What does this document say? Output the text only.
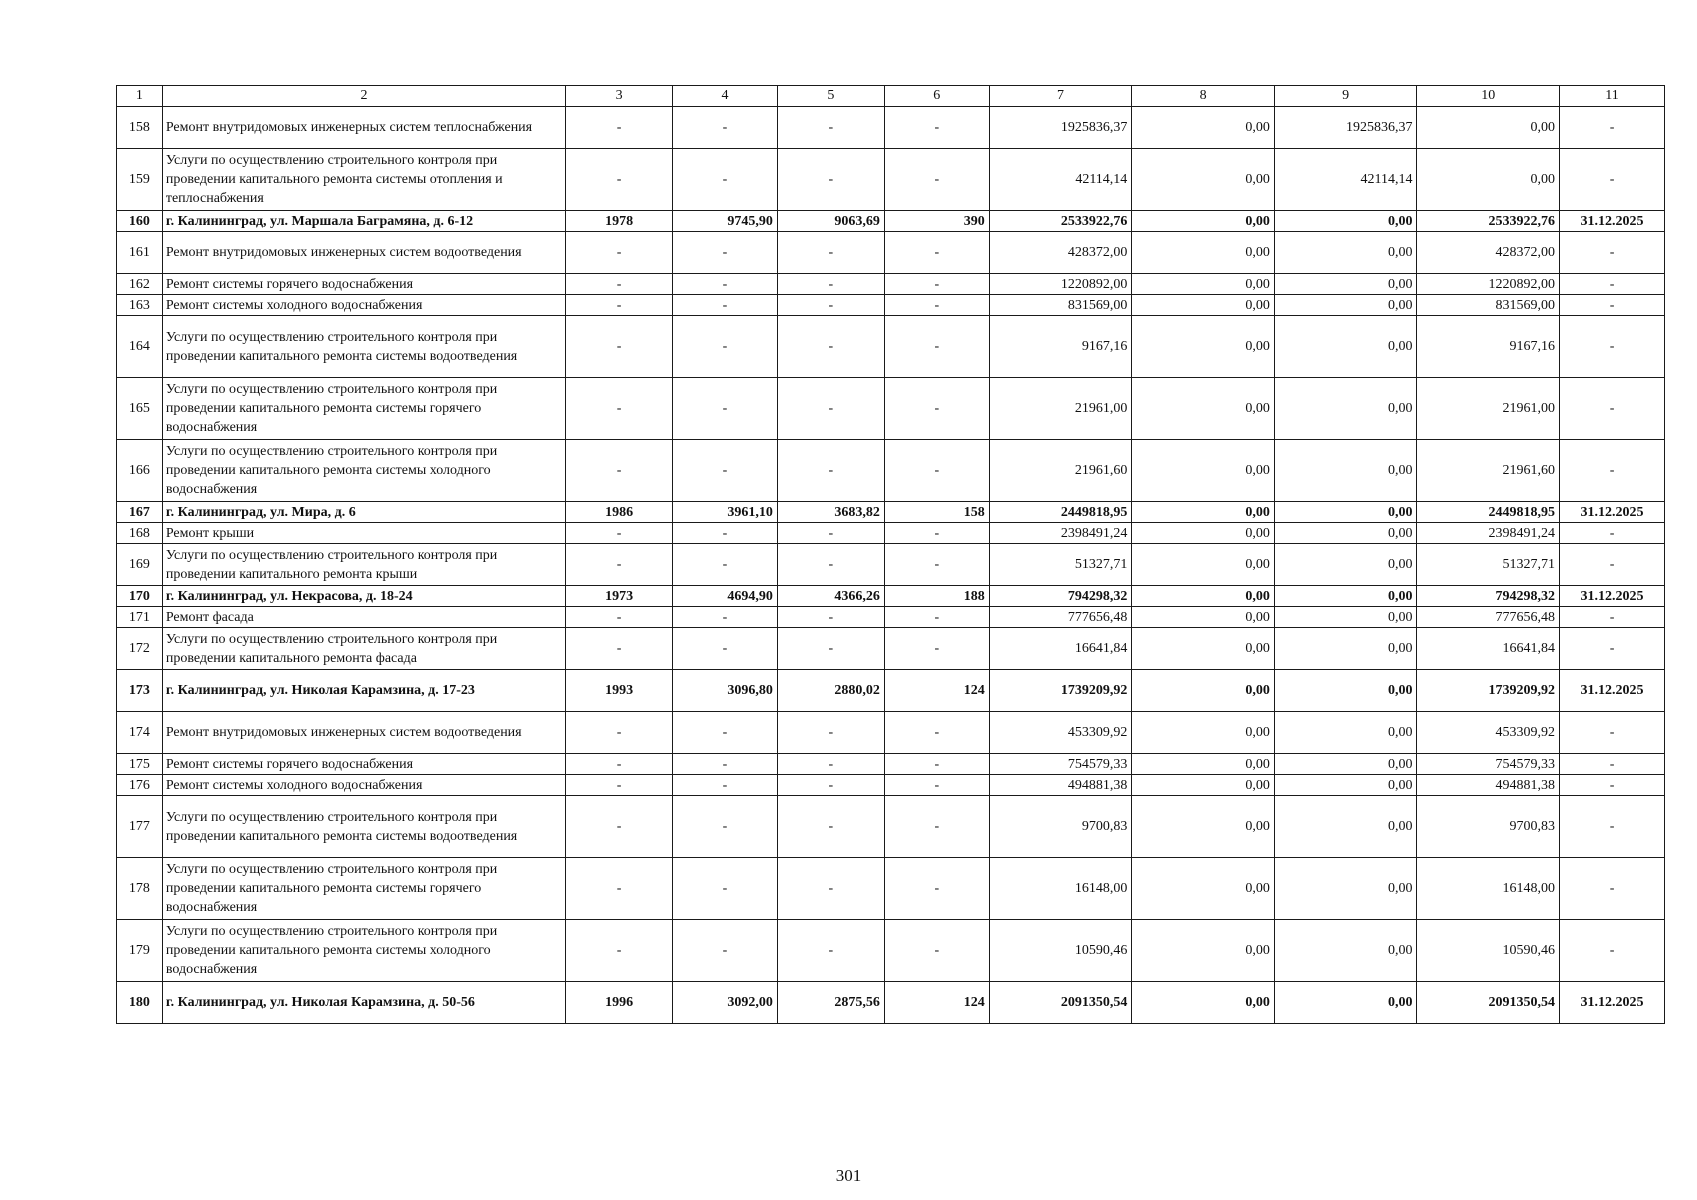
1	2	3	4	5	6	7	8	9	10	11
158	Ремонт внутридомовых инженерных систем теплоснабжения	-	-	-	-	1925836,37	0,00	1925836,37	0,00	-
159	Услуги по осуществлению строительного контроля при проведении капитального ремонта системы отопления и теплоснабжения	-	-	-	-	42114,14	0,00	42114,14	0,00	-
160	г. Калининград, ул. Маршала Баграмяна, д. 6-12	1978	9745,90	9063,69	390	2533922,76	0,00	0,00	2533922,76	31.12.2025
161	Ремонт внутридомовых инженерных систем водоотведения	-	-	-	-	428372,00	0,00	0,00	428372,00	-
162	Ремонт системы горячего водоснабжения	-	-	-	-	1220892,00	0,00	0,00	1220892,00	-
163	Ремонт системы холодного водоснабжения	-	-	-	-	831569,00	0,00	0,00	831569,00	-
164	Услуги по осуществлению строительного контроля при проведении капитального ремонта системы водоотведения	-	-	-	-	9167,16	0,00	0,00	9167,16	-
165	Услуги по осуществлению строительного контроля при проведении капитального ремонта системы горячего водоснабжения	-	-	-	-	21961,00	0,00	0,00	21961,00	-
166	Услуги по осуществлению строительного контроля при проведении капитального ремонта системы холодного водоснабжения	-	-	-	-	21961,60	0,00	0,00	21961,60	-
167	г. Калининград, ул. Мира, д. 6	1986	3961,10	3683,82	158	2449818,95	0,00	0,00	2449818,95	31.12.2025
168	Ремонт крыши	-	-	-	-	2398491,24	0,00	0,00	2398491,24	-
169	Услуги по осуществлению строительного контроля при проведении капитального ремонта крыши	-	-	-	-	51327,71	0,00	0,00	51327,71	-
170	г. Калининград, ул. Некрасова, д. 18-24	1973	4694,90	4366,26	188	794298,32	0,00	0,00	794298,32	31.12.2025
171	Ремонт фасада	-	-	-	-	777656,48	0,00	0,00	777656,48	-
172	Услуги по осуществлению строительного контроля при проведении капитального ремонта фасада	-	-	-	-	16641,84	0,00	0,00	16641,84	-
173	г. Калининград, ул. Николая Карамзина, д. 17-23	1993	3096,80	2880,02	124	1739209,92	0,00	0,00	1739209,92	31.12.2025
174	Ремонт внутридомовых инженерных систем водоотведения	-	-	-	-	453309,92	0,00	0,00	453309,92	-
175	Ремонт системы горячего водоснабжения	-	-	-	-	754579,33	0,00	0,00	754579,33	-
176	Ремонт системы холодного водоснабжения	-	-	-	-	494881,38	0,00	0,00	494881,38	-
177	Услуги по осуществлению строительного контроля при проведении капитального ремонта системы водоотведения	-	-	-	-	9700,83	0,00	0,00	9700,83	-
178	Услуги по осуществлению строительного контроля при проведении капитального ремонта системы горячего водоснабжения	-	-	-	-	16148,00	0,00	0,00	16148,00	-
179	Услуги по осуществлению строительного контроля при проведении капитального ремонта системы холодного водоснабжения	-	-	-	-	10590,46	0,00	0,00	10590,46	-
180	г. Калининград, ул. Николая Карамзина, д. 50-56	1996	3092,00	2875,56	124	2091350,54	0,00	0,00	2091350,54	31.12.2025
301
